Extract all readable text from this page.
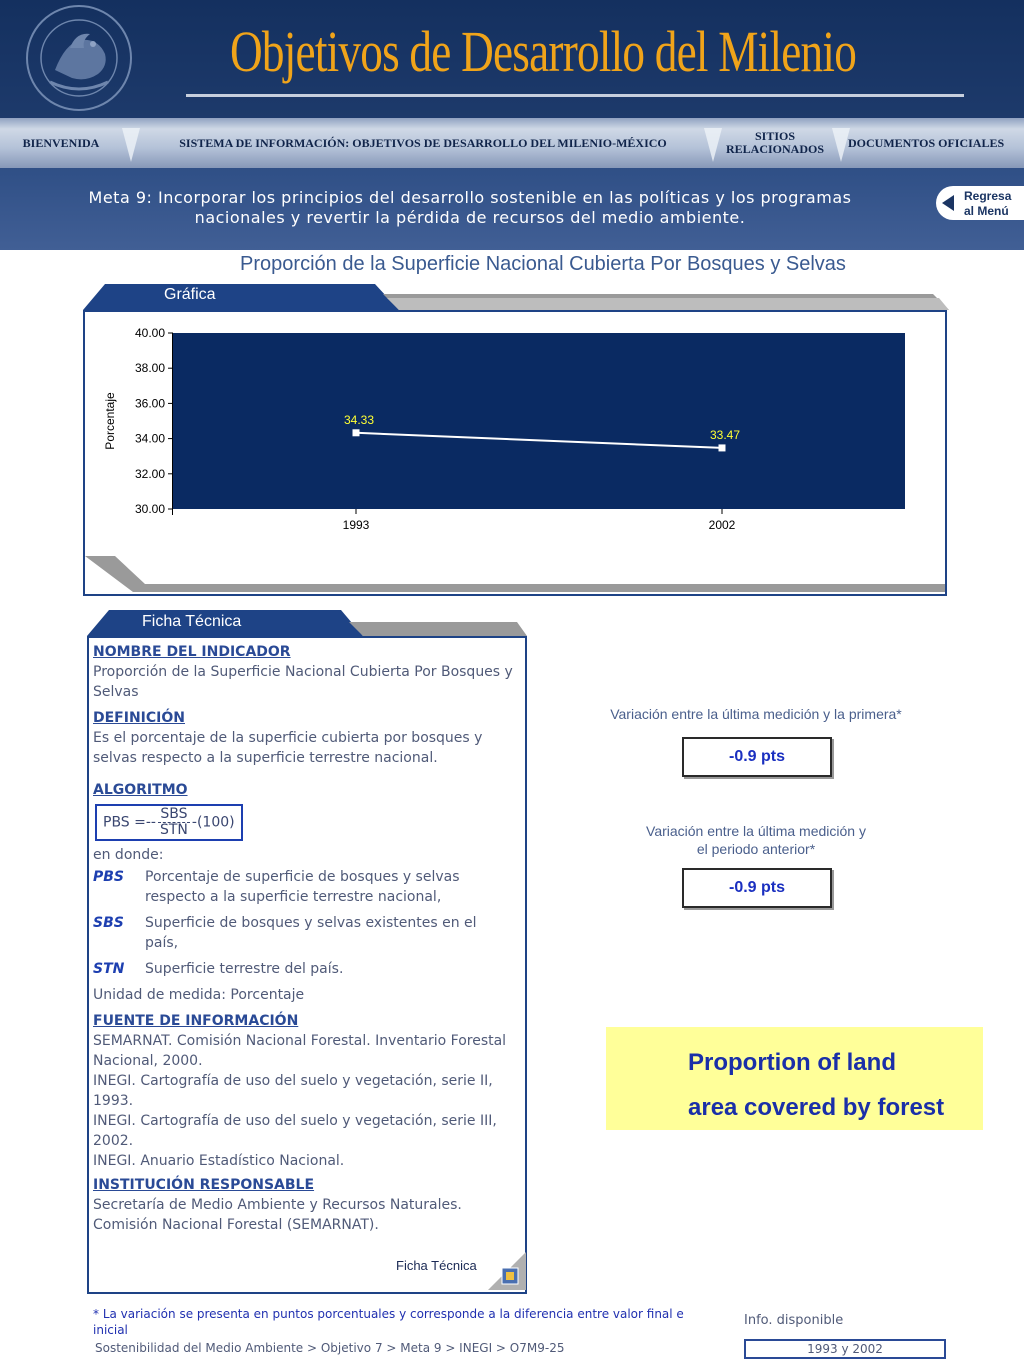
Objetivos de Desarrollo del Milenio
BIENVENIDA	SISTEMA DE INFORMACIÓN: OBJETIVOS DE DESARROLLO DEL MILENIO-MÉXICO	SITIOS
RELACIONADOS	DOCUMENTOS OFICIALES
Meta 9: Incorporar los principios del desarrollo sostenible en las políticas y los programas
nacionales y revertir la pérdida de recursos del medio ambiente.
Regresa
al Menú
Proporción de la Superficie Nacional Cubierta Por Bosques y Selvas
Gráfica
40.00
38.00
36.00
34.00
32.00
30.00
Porcentaje
1993	2002
34.33
33.47
Ficha Técnica
NOMBRE DEL INDICADOR

Proporción de la Superficie Nacional Cubierta Por Bosques y Selvas

DEFINICIÓN

Es el porcentaje de la superficie cubierta por bosques y selvas respecto a la superficie terrestre nacional.

ALGORITMO
PBS =-- $\frac{\text{SBS}}{\text{STN}} -(100)$

en donde:

PBS	Porcentaje de superficie de bosques y selvas respecto a la superficie terrestre nacional,
SBS	Superficie de bosques y selvas existentes en el país,
STN	Superficie terrestre del país.

Unidad de medida: Porcentaje

FUENTE DE INFORMACIÓN

SEMARNAT. Comisión Nacional Forestal. Inventario Forestal Nacional, 2000.

INEGI. Cartografía de uso del suelo y vegetación, serie II, 1993.

INEGI. Cartografía de uso del suelo y vegetación, serie III, 2002.

INEGI. Anuario Estadístico Nacional.

INSTITUCIÓN RESPONSABLE

Secretaría de Medio Ambiente y Recursos Naturales.

Comisión Nacional Forestal (SEMARNAT).

Ficha Técnica
Variación entre la última medición y la primera*
-0.9 pts
Variación entre la última medición y
el periodo anterior*
-0.9 pts
Proportion of land
area covered by forest
* La variación se presenta en puntos porcentuales y corresponde a la diferencia entre valor final e inicial
Sostenibilidad del Medio Ambiente > Objetivo 7 > Meta 9 > INEGI > O7M9-25
Info. disponible
1993 y 2002
